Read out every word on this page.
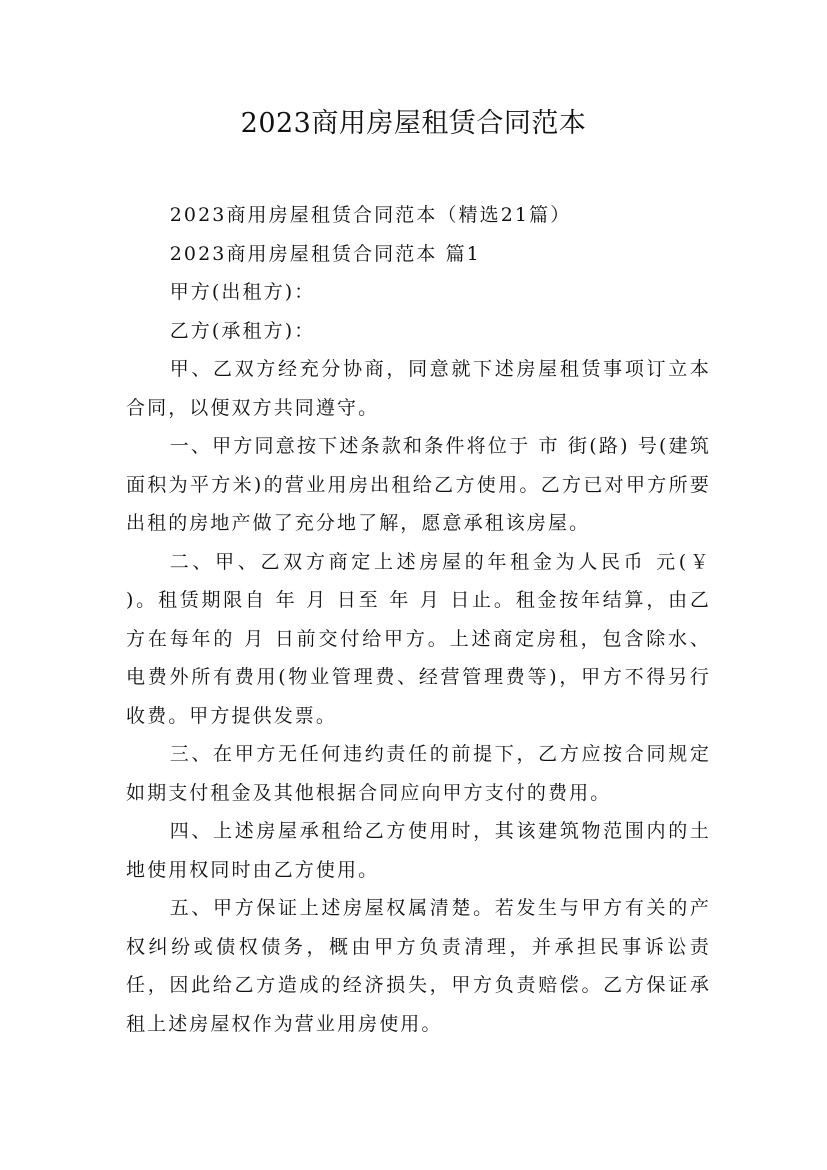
2023商用房屋租赁合同范本

2023商用房屋租赁合同范本（精选21篇）

2023商用房屋租赁合同范本 篇1

甲方(出租方)：

乙方(承租方)：

甲、乙双方经充分协商，同意就下述房屋租赁事项订立本合同，以便双方共同遵守。

一、甲方同意按下述条款和条件将位于 市 街(路) 号(建筑面积为平方米)的营业用房出租给乙方使用。乙方已对甲方所要出租的房地产做了充分地了解，愿意承租该房屋。

二、甲、乙双方商定上述房屋的年租金为人民币 元(￥ )。租赁期限自 年 月 日至 年 月 日止。租金按年结算，由乙方在每年的 月 日前交付给甲方。上述商定房租，包含除水、电费外所有费用(物业管理费、经营管理费等)，甲方不得另行收费。甲方提供发票。

三、在甲方无任何违约责任的前提下，乙方应按合同规定如期支付租金及其他根据合同应向甲方支付的费用。

四、上述房屋承租给乙方使用时，其该建筑物范围内的土地使用权同时由乙方使用。

五、甲方保证上述房屋权属清楚。若发生与甲方有关的产权纠纷或债权债务，概由甲方负责清理，并承担民事诉讼责任，因此给乙方造成的经济损失，甲方负责赔偿。乙方保证承租上述房屋权作为营业用房使用。
